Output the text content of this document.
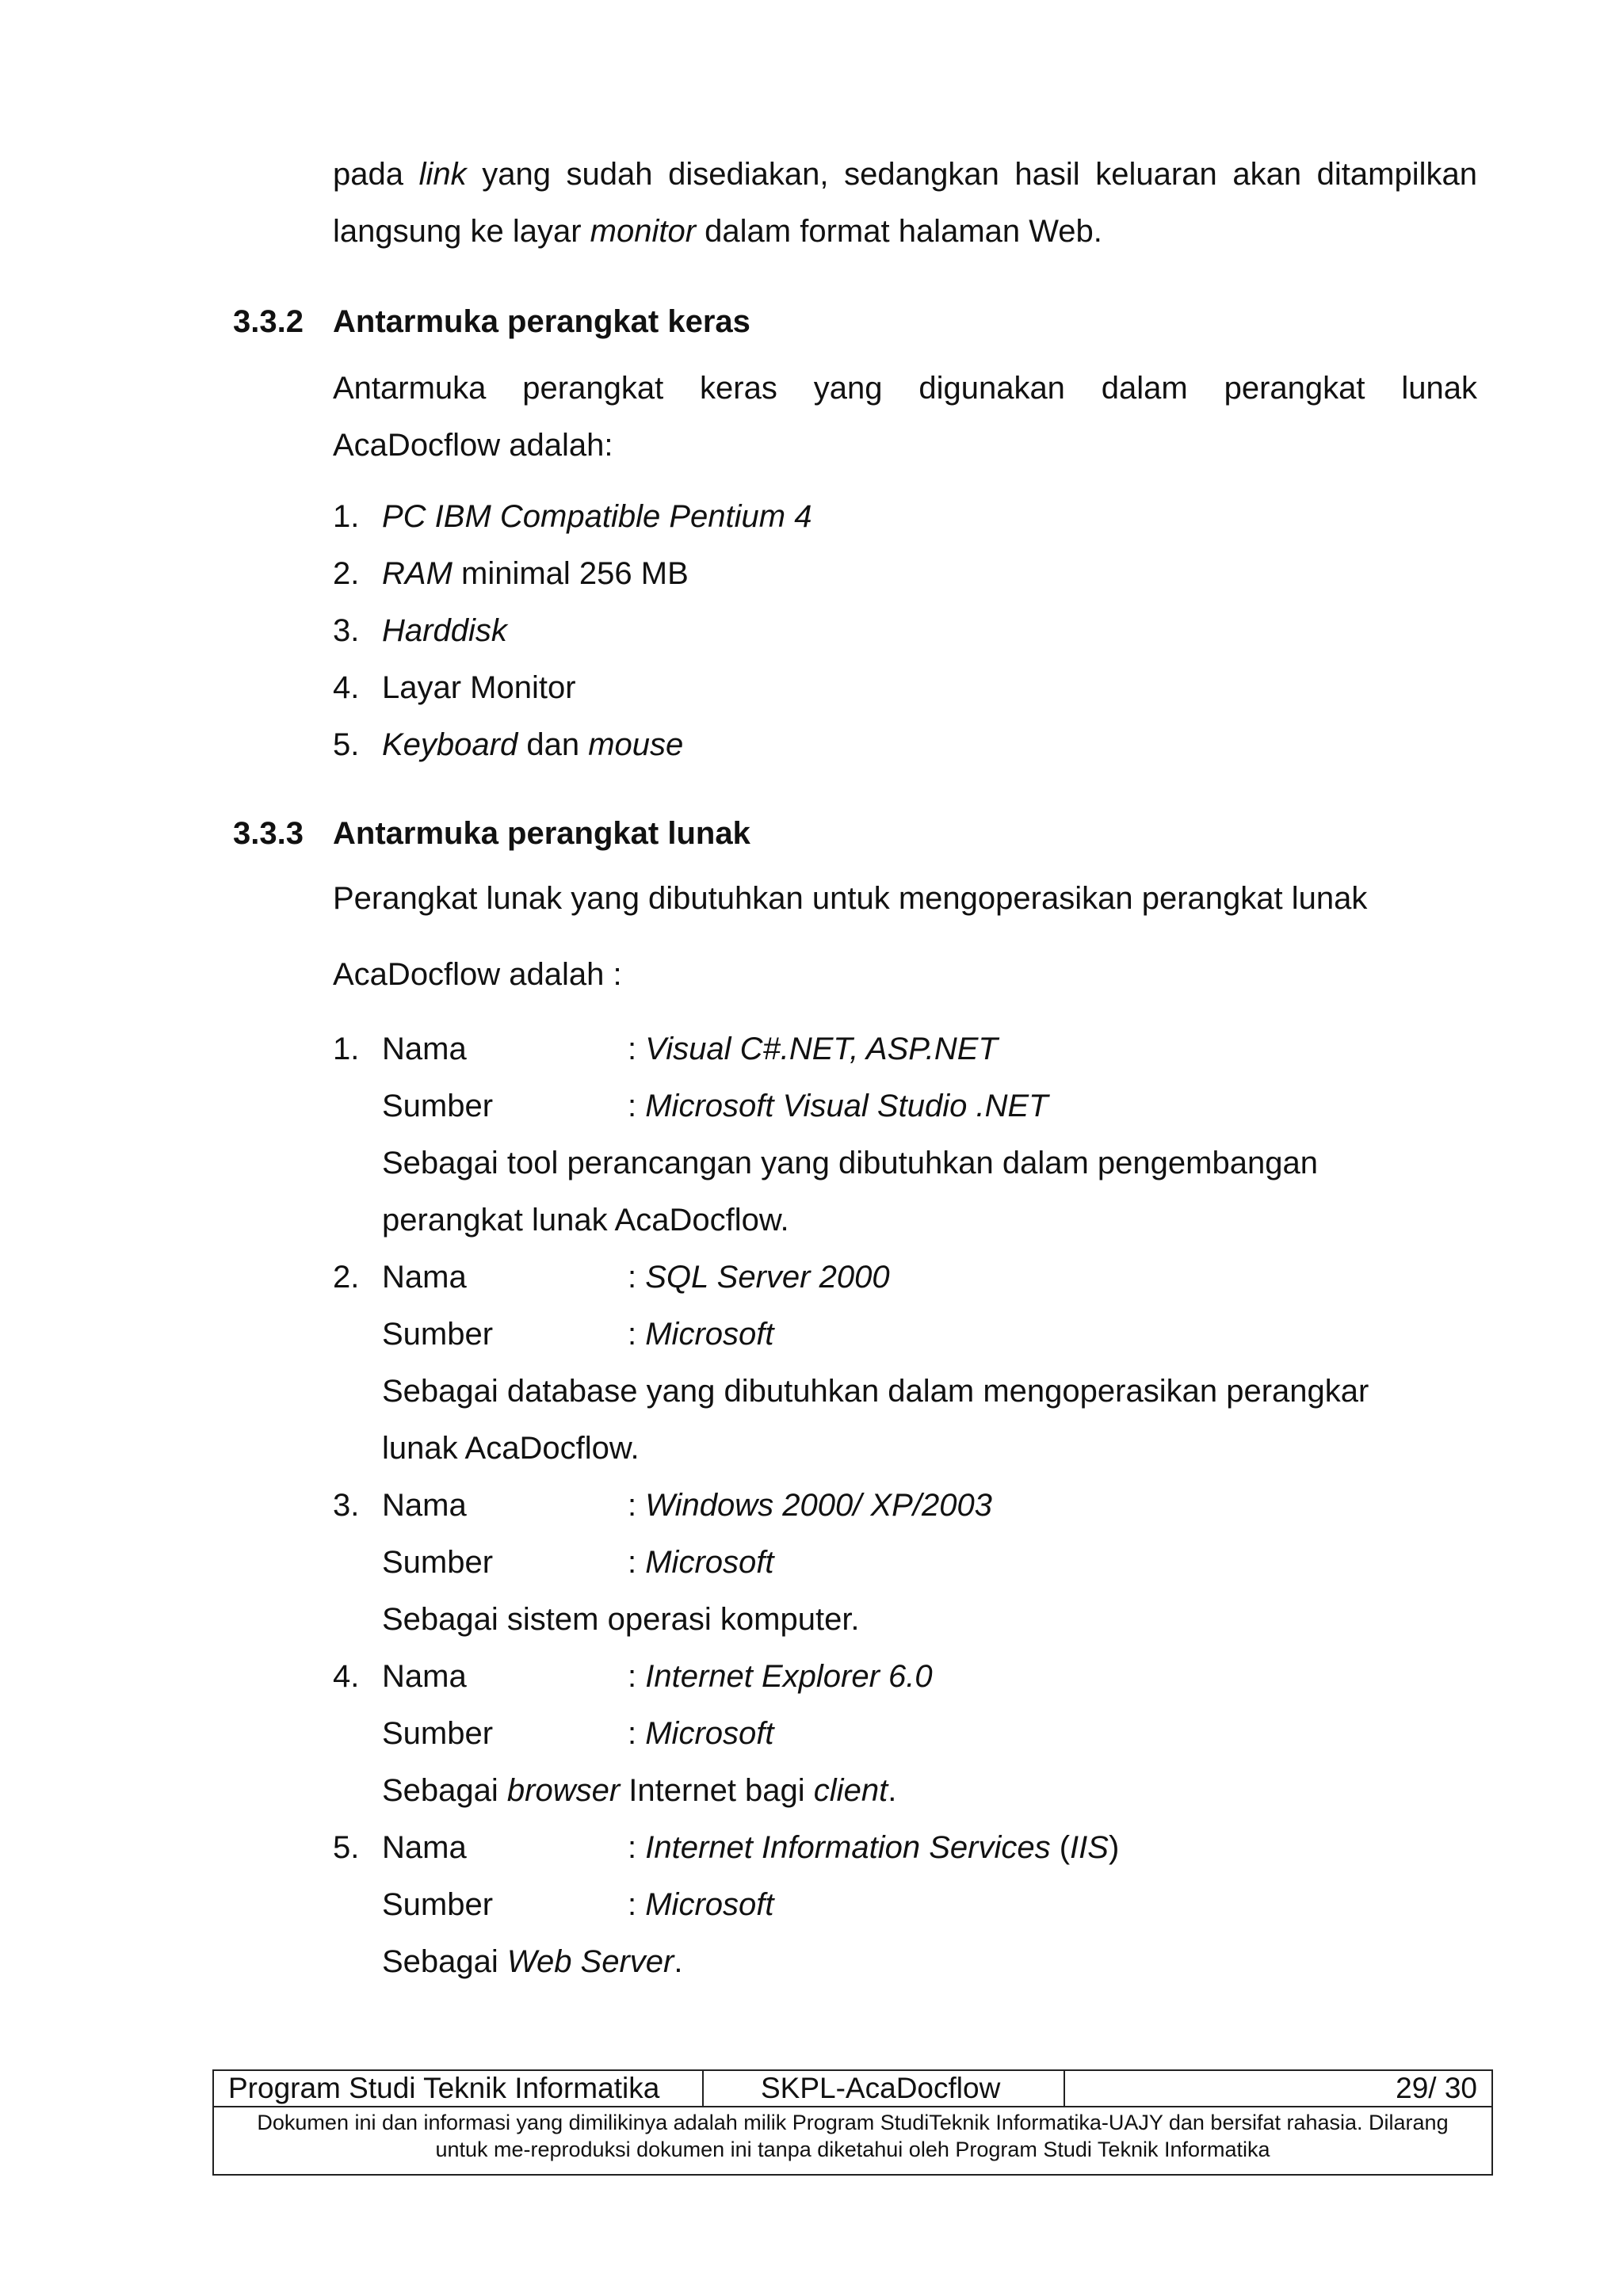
pada link yang sudah disediakan, sedangkan hasil keluaran akan ditampilkan
langsung ke layar monitor dalam format halaman Web.
3.3.2 Antarmuka perangkat keras
Antarmuka perangkat keras yang digunakan dalam perangkat lunak
AcaDocflow adalah:
1. PC IBM Compatible Pentium 4
2. RAM minimal 256 MB
3. Harddisk
4. Layar Monitor
5. Keyboard dan mouse
3.3.3 Antarmuka perangkat lunak
Perangkat lunak yang dibutuhkan untuk mengoperasikan perangkat lunak
AcaDocflow adalah :
1. Nama	: Visual C#.NET, ASP.NET
Sumber	: Microsoft Visual Studio .NET
Sebagai tool perancangan yang dibutuhkan dalam pengembangan
perangkat lunak AcaDocflow.
2. Nama	: SQL Server 2000
Sumber	: Microsoft
Sebagai database yang dibutuhkan dalam mengoperasikan perangkar
lunak AcaDocflow.
3. Nama	: Windows 2000/ XP/2003
Sumber	: Microsoft
Sebagai sistem operasi komputer.
4. Nama	: Internet Explorer 6.0
Sumber	: Microsoft
Sebagai browser Internet bagi client.
5. Nama	: Internet Information Services (IIS)
Sumber	: Microsoft
Sebagai Web Server.
Program Studi Teknik Informatika	SKPL-AcaDocflow	29/ 30
Dokumen ini dan informasi yang dimilikinya adalah milik Program StudiTeknik Informatika-UAJY dan bersifat rahasia. Dilarang
untuk me-reproduksi dokumen ini tanpa diketahui oleh Program Studi Teknik Informatika
